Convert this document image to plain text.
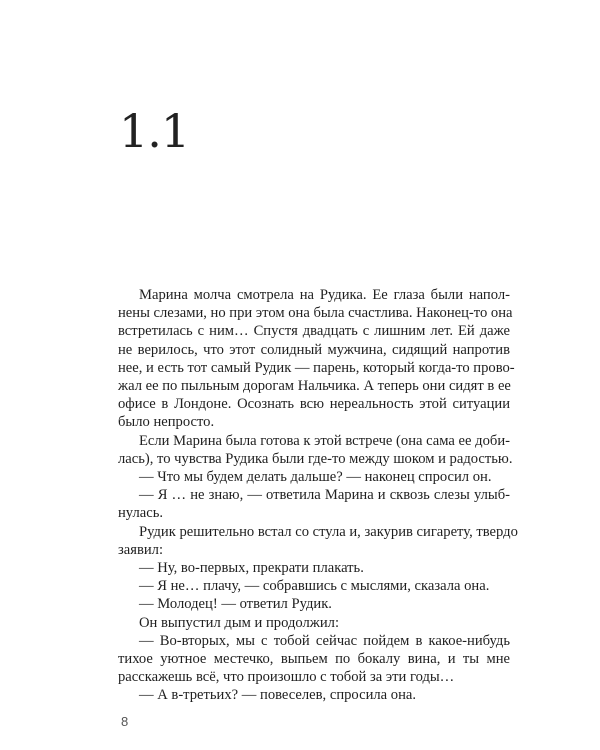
1.1
Марина молча смотрела на Рудика. Ее глаза были напол-
нены слезами, но при этом она была счастлива. Наконец-то она
встретилась с ним… Спустя двадцать с лишним лет. Ей даже
не верилось, что этот солидный мужчина, сидящий напротив
нее, и есть тот самый Рудик — парень, который когда-то прово-
жал ее по пыльным дорогам Нальчика. А теперь они сидят в ее
офисе в Лондоне. Осознать всю нереальность этой ситуации
было непросто.
Если Марина была готова к этой встрече (она сама ее доби-
лась), то чувства Рудика были где-то между шоком и радостью.
— Что мы будем делать дальше? — наконец спросил он.
— Я … не знаю, — ответила Марина и сквозь слезы улыб-
нулась.
Рудик решительно встал со стула и, закурив сигарету, твердо
заявил:
— Ну, во-первых, прекрати плакать.
— Я не… плачу, — собравшись с мыслями, сказала она.
— Молодец! — ответил Рудик.
Он выпустил дым и продолжил:
— Во-вторых, мы с тобой сейчас пойдем в какое-нибудь
тихое уютное местечко, выпьем по бокалу вина, и ты мне
расскажешь всё, что произошло с тобой за эти годы…
— А в-третьих? — повеселев, спросила она.
8
